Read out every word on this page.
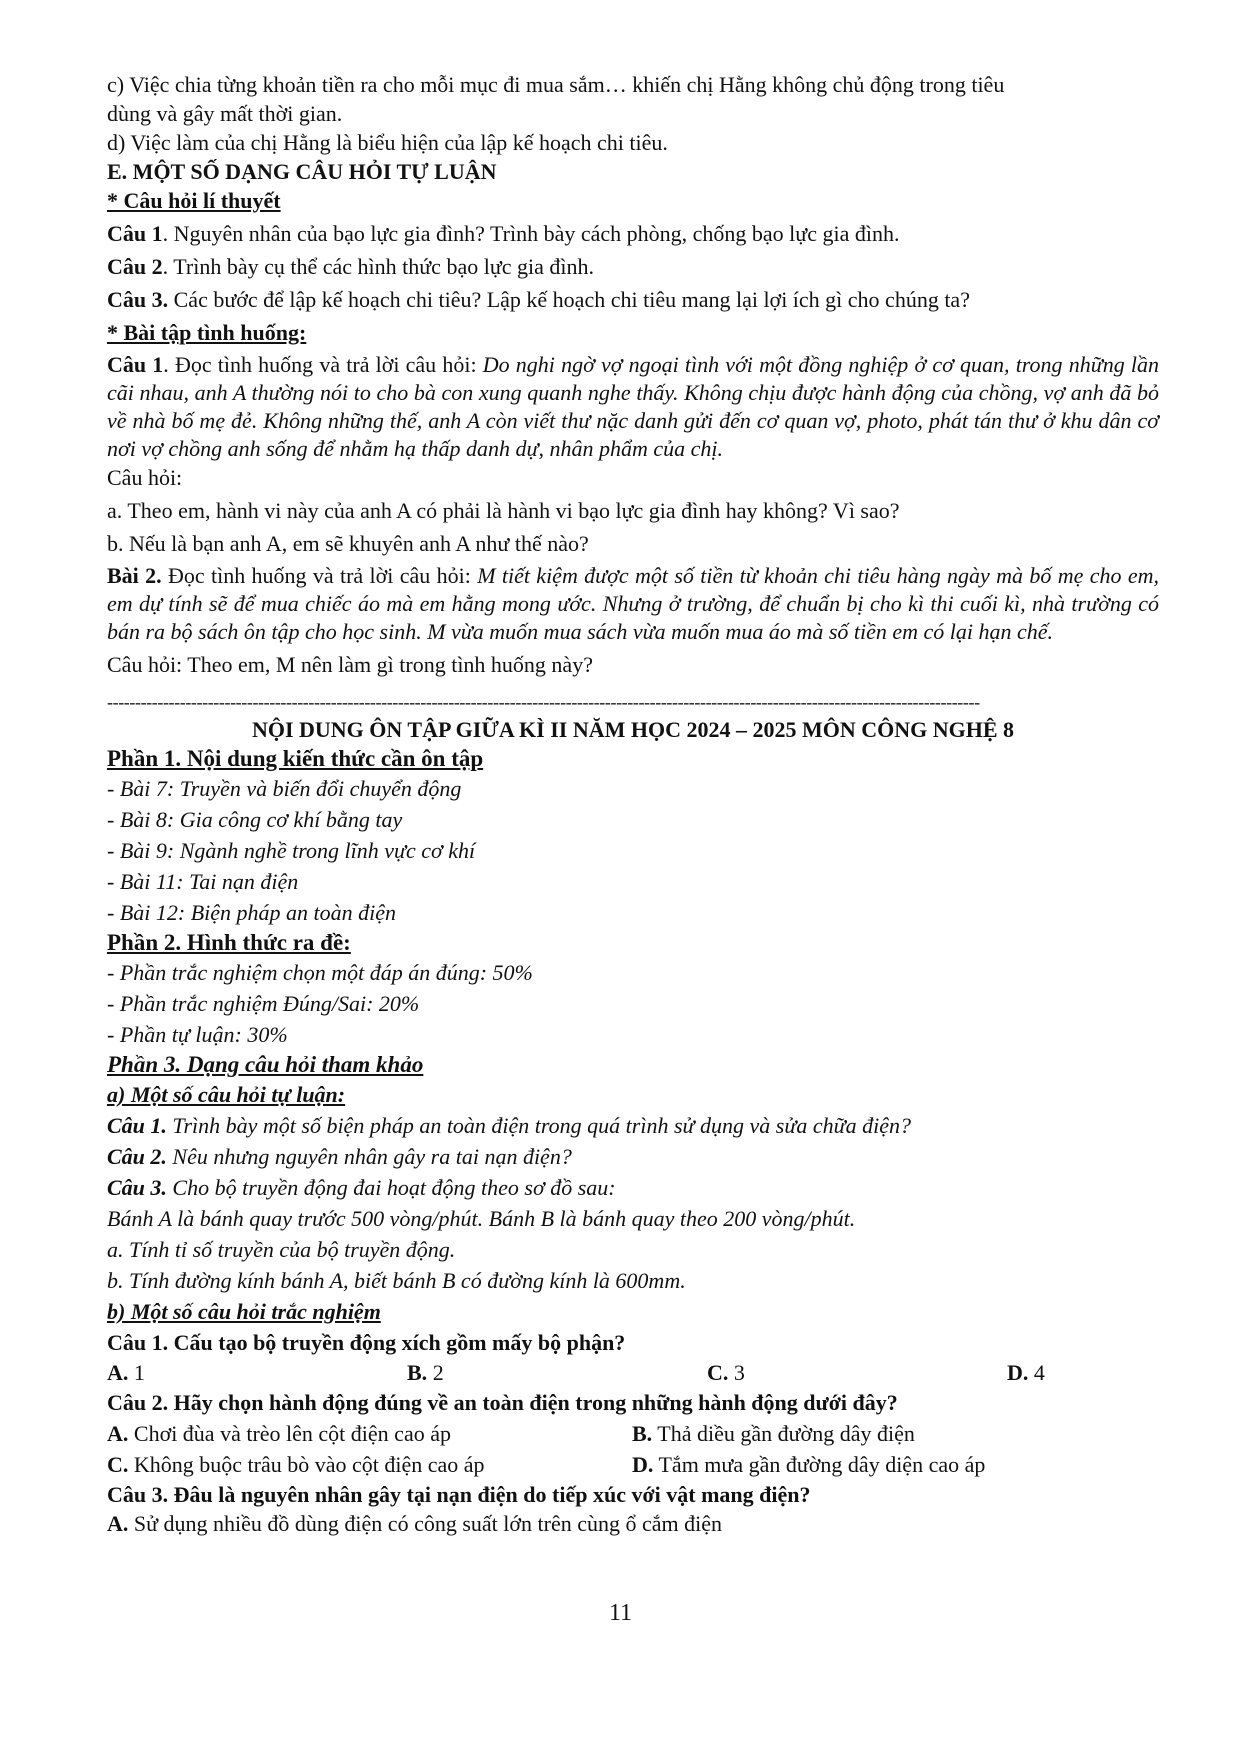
c) Việc chia từng khoản tiền ra cho mỗi mục đi mua sắm… khiến chị Hằng không chủ động trong tiêu

dùng và gây mất thời gian.

d) Việc làm của chị Hằng là biểu hiện của lập kế hoạch chi tiêu.

E. MỘT SỐ DẠNG CÂU HỎI TỰ LUẬN

* Câu hỏi lí thuyết

Câu 1. Nguyên nhân của bạo lực gia đình? Trình bày cách phòng, chống bạo lực gia đình.

Câu 2. Trình bày cụ thể các hình thức bạo lực gia đình.

Câu 3. Các bước để lập kế hoạch chi tiêu? Lập kế hoạch chi tiêu mang lại lợi ích gì cho chúng ta?

* Bài tập tình huống:

Câu 1. Đọc tình huống và trả lời câu hỏi: Do nghi ngờ vợ ngoại tình với một đồng nghiệp ở cơ quan, trong những lần cãi nhau, anh A thường nói to cho bà con xung quanh nghe thấy. Không chịu được hành động của chồng, vợ anh đã bỏ về nhà bố mẹ đẻ. Không những thế, anh A còn viết thư nặc danh gửi đến cơ quan vợ, photo, phát tán thư ở khu dân cơ nơi vợ chồng anh sống để nhằm hạ thấp danh dự, nhân phẩm của chị.

Câu hỏi:

a. Theo em, hành vi này của anh A có phải là hành vi bạo lực gia đình hay không? Vì sao?

b. Nếu là bạn anh A, em sẽ khuyên anh A như thế nào?

Bài 2. Đọc tình huống và trả lời câu hỏi: M tiết kiệm được một số tiền từ khoản chi tiêu hàng ngày mà bố mẹ cho em, em dự tính sẽ để mua chiếc áo mà em hằng mong ước. Nhưng ở trường, để chuẩn bị cho kì thi cuối kì, nhà trường có bán ra bộ sách ôn tập cho học sinh. M vừa muốn mua sách vừa muốn mua áo mà số tiền em có lại hạn chế.

Câu hỏi: Theo em, M nên làm gì trong tình huống này?

------------------------------------------------------------------------------------------------------------------------------------------------------------

NỘI DUNG ÔN TẬP GIỮA KÌ II NĂM HỌC 2024 – 2025 MÔN CÔNG NGHỆ 8

Phần 1. Nội dung kiến thức cần ôn tập

- Bài 7: Truyền và biến đổi chuyển động

- Bài 8: Gia công cơ khí bằng tay

- Bài 9: Ngành nghề trong lĩnh vực cơ khí

- Bài 11: Tai nạn điện

- Bài 12: Biện pháp an toàn điện

Phần 2. Hình thức ra đề:

- Phần trắc nghiệm chọn một đáp án đúng: 50%

- Phần trắc nghiệm Đúng/Sai: 20%

- Phần tự luận: 30%

Phần 3. Dạng câu hỏi tham khảo

a) Một số câu hỏi tự luận:

Câu 1. Trình bày một số biện pháp an toàn điện trong quá trình sử dụng và sửa chữa điện?

Câu 2. Nêu nhưng nguyên nhân gây ra tai nạn điện?

Câu 3. Cho bộ truyền động đai hoạt động theo sơ đồ sau:

Bánh A là bánh quay trước 500 vòng/phút. Bánh B là bánh quay theo 200 vòng/phút.

a. Tính tỉ số truyền của bộ truyền động.

b. Tính đường kính bánh A, biết bánh B có đường kính là 600mm.

b) Một số câu hỏi trắc nghiệm

Câu 1. Cấu tạo bộ truyền động xích gồm mấy bộ phận?

A. 1	B. 2	C. 3	D. 4

Câu 2. Hãy chọn hành động đúng về an toàn điện trong những hành động dưới đây?

A. Chơi đùa và trèo lên cột điện cao áp	B. Thả diều gần đường dây điện
C. Không buộc trâu bò vào cột điện cao áp	D. Tắm mưa gần đường dây diện cao áp

Câu 3. Đâu là nguyên nhân gây tại nạn điện do tiếp xúc với vật mang điện?

A. Sử dụng nhiều đồ dùng điện có công suất lớn trên cùng ổ cắm điện

11
